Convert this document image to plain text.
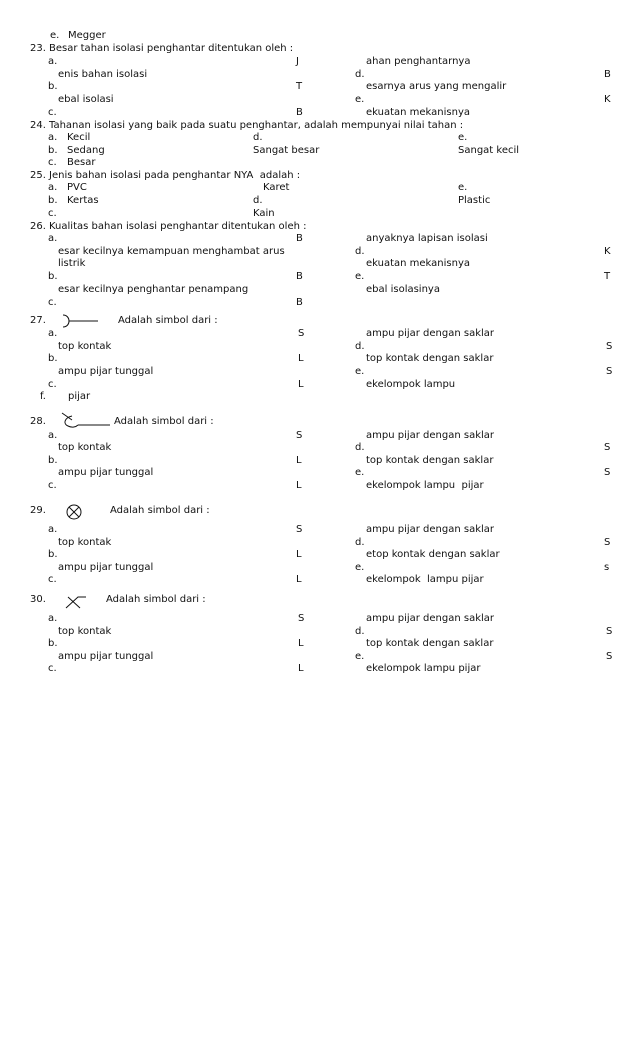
e. Megger
23. Besar tahan isolasi penghantar ditentukan oleh :
a.	J	ahan penghantarnya
enis bahan isolasi	d.	B
b.	T	esarnya arus yang mengalir
ebal isolasi	e.	K
c.	B	ekuatan mekanisnya
24. Tahanan isolasi yang baik pada suatu penghantar, adalah mempunyai nilai tahan :
a. Kecil	d.	e.
b. Sedang	Sangat besar	Sangat kecil
c. Besar
25. Jenis bahan isolasi pada penghantar NYA  adalah :
a. PVC	Karet	e.
b. Kertas	d.	Plastic
c.	Kain
26. Kualitas bahan isolasi penghantar ditentukan oleh :
a.	B	anyaknya lapisan isolasi
esar kecilnya kemampuan menghambat arus	d.	K
listrik	ekuatan mekanisnya
b.	B	e.	T
esar kecilnya penghantar penampang	ebal isolasinya
c.	B
27.	Adalah simbol dari :
a.	S	ampu pijar dengan saklar
top kontak	d.	S
b.	L	top kontak dengan saklar
ampu pijar tunggal	e.	S
c.	L	ekelompok lampu
f. pijar
28.	Adalah simbol dari :
a.	S	ampu pijar dengan saklar
top kontak	d.	S
b.	L	top kontak dengan saklar
ampu pijar tunggal	e.	S
c.	L	ekelompok lampu  pijar
29.	Adalah simbol dari :
a.	S	ampu pijar dengan saklar
top kontak	d.	S
b.	L	etop kontak dengan saklar
ampu pijar tunggal	e.	s
c.	L	ekelompok  lampu pijar
30.	Adalah simbol dari :
a.	S	ampu pijar dengan saklar
top kontak	d.	S
b.	L	top kontak dengan saklar
ampu pijar tunggal	e.	S
c.	L	ekelompok lampu pijar
